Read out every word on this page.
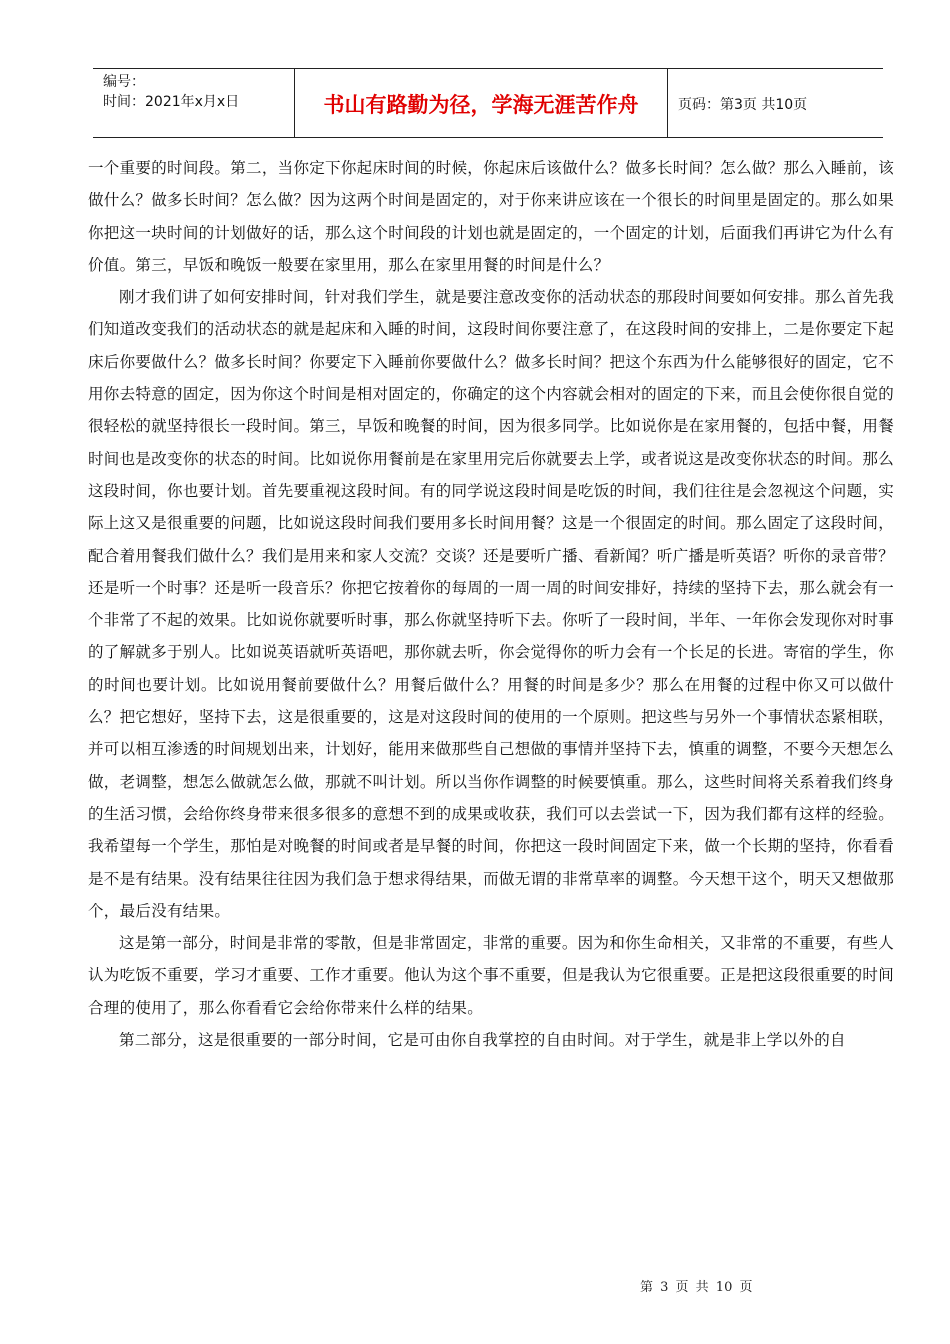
编号：
时间：2021年x月x日	书山有路勤为径，学海无涯苦作舟	页码：第3页 共10页

一个重要的时间段。第二，当你定下你起床时间的时候，你起床后该做什么？做多长时间？怎么做？那么入睡前，该做什么？做多长时间？怎么做？因为这两个时间是固定的，对于你来讲应该在一个很长的时间里是固定的。那么如果你把这一块时间的计划做好的话，那么这个时间段的计划也就是固定的，一个固定的计划，后面我们再讲它为什么有价值。第三，早饭和晚饭一般要在家里用，那么在家里用餐的时间是什么？

刚才我们讲了如何安排时间，针对我们学生，就是要注意改变你的活动状态的那段时间要如何安排。那么首先我们知道改变我们的活动状态的就是起床和入睡的时间，这段时间你要注意了，在这段时间的安排上，二是你要定下起床后你要做什么？做多长时间？你要定下入睡前你要做什么？做多长时间？把这个东西为什么能够很好的固定，它不用你去特意的固定，因为你这个时间是相对固定的，你确定的这个内容就会相对的固定的下来，而且会使你很自觉的很轻松的就坚持很长一段时间。第三，早饭和晚餐的时间，因为很多同学。比如说你是在家用餐的，包括中餐，用餐时间也是改变你的状态的时间。比如说你用餐前是在家里用完后你就要去上学，或者说这是改变你状态的时间。那么这段时间，你也要计划。首先要重视这段时间。有的同学说这段时间是吃饭的时间，我们往往是会忽视这个问题，实际上这又是很重要的问题，比如说这段时间我们要用多长时间用餐？这是一个很固定的时间。那么固定了这段时间，配合着用餐我们做什么？我们是用来和家人交流？交谈？还是要听广播、看新闻？听广播是听英语？听你的录音带？还是听一个时事？还是听一段音乐？你把它按着你的每周的一周一周的时间安排好，持续的坚持下去，那么就会有一个非常了不起的效果。比如说你就要听时事，那么你就坚持听下去。你听了一段时间，半年、一年你会发现你对时事的了解就多于别人。比如说英语就听英语吧，那你就去听，你会觉得你的听力会有一个长足的长进。寄宿的学生，你的时间也要计划。比如说用餐前要做什么？用餐后做什么？用餐的时间是多少？那么在用餐的过程中你又可以做什么？把它想好，坚持下去，这是很重要的，这是对这段时间的使用的一个原则。把这些与另外一个事情状态紧相联，并可以相互渗透的时间规划出来，计划好，能用来做那些自己想做的事情并坚持下去，慎重的调整，不要今天想怎么做，老调整，想怎么做就怎么做，那就不叫计划。所以当你作调整的时候要慎重。那么，这些时间将关系着我们终身的生活习惯，会给你终身带来很多很多的意想不到的成果或收获，我们可以去尝试一下，因为我们都有这样的经验。我希望每一个学生，那怕是对晚餐的时间或者是早餐的时间，你把这一段时间固定下来，做一个长期的坚持，你看看是不是有结果。没有结果往往因为我们急于想求得结果，而做无谓的非常草率的调整。今天想干这个，明天又想做那个，最后没有结果。

这是第一部分，时间是非常的零散，但是非常固定，非常的重要。因为和你生命相关，又非常的不重要，有些人认为吃饭不重要，学习才重要、工作才重要。他认为这个事不重要，但是我认为它很重要。正是把这段很重要的时间合理的使用了，那么你看看它会给你带来什么样的结果。

第二部分，这是很重要的一部分时间，它是可由你自我掌控的自由时间。对于学生，就是非上学以外的自

第 3 页 共 10 页
